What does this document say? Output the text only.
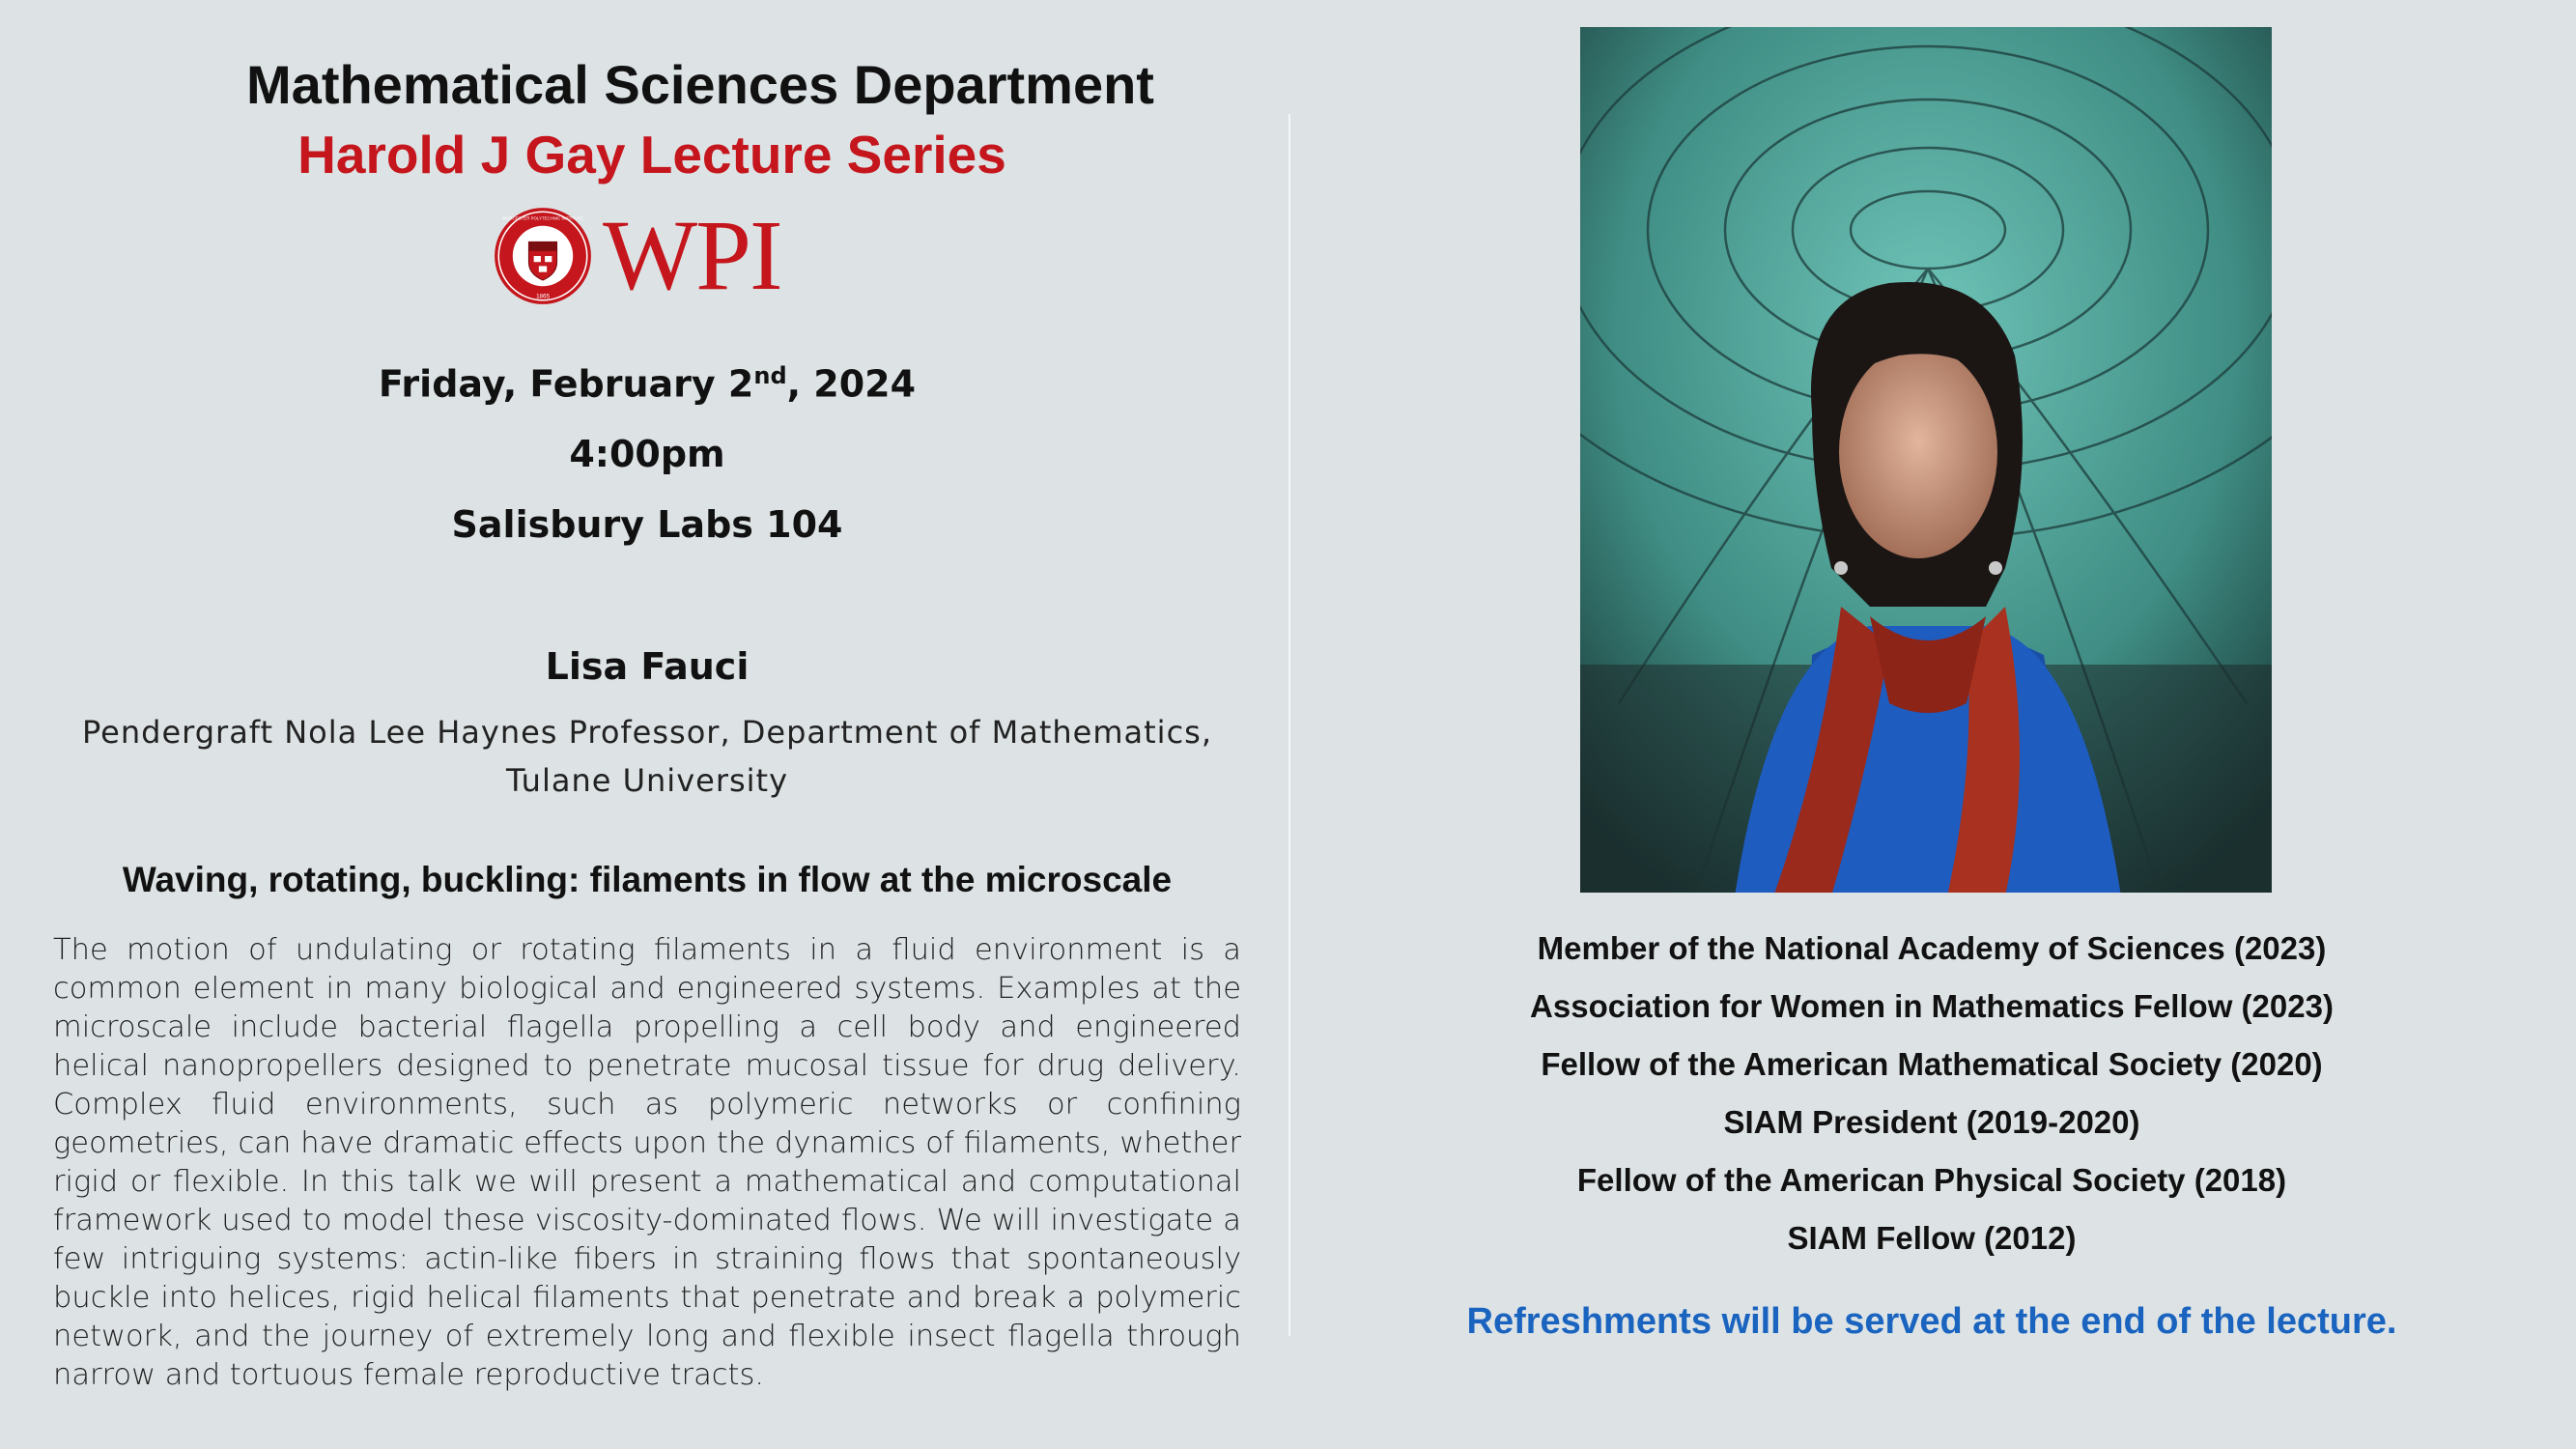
Mathematical Sciences Department
Harold J Gay Lecture Series
1865
WORCESTER POLYTECHNIC INSTITUTE WPI
Friday, February 2nd, 2024
4:00pm
Salisbury Labs 104
Lisa Fauci
Pendergraft Nola Lee Haynes Professor, Department of Mathematics,
Tulane University
Waving, rotating, buckling: filaments in flow at the microscale
The motion of undulating or rotating filaments in a fluid environment is a common element in many biological and engineered systems. Examples at the microscale include bacterial flagella propelling a cell body and engineered helical nanopropellers designed to penetrate mucosal tissue for drug delivery. Complex fluid environments, such as polymeric networks or confining geometries, can have dramatic effects upon the dynamics of filaments, whether rigid or flexible. In this talk we will present a mathematical and computational framework used to model these viscosity-dominated flows. We will investigate a few intriguing systems: actin-like fibers in straining flows that spontaneously buckle into helices, rigid helical filaments that penetrate and break a polymeric network, and the journey of extremely long and flexible insect flagella through narrow and tortuous female reproductive tracts.
Member of the National Academy of Sciences (2023)
Association for Women in Mathematics Fellow (2023)
Fellow of the American Mathematical Society (2020)
SIAM President (2019-2020)
Fellow of the American Physical Society (2018)
SIAM Fellow (2012)
Refreshments will be served at the end of the lecture.
